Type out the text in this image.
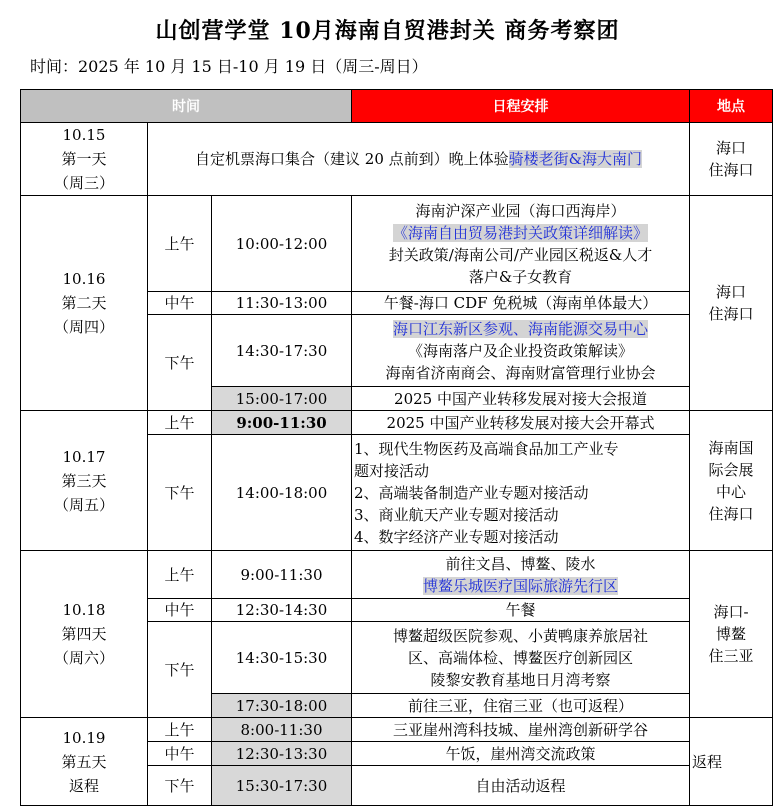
山创营学堂 10月海南自贸港封关 商务考察团
时间：2025 年 10 月 15 日-10 月 19 日（周三-周日）
时间			日程安排	地点

10.15
第一天
（周三）	自定机票海口集合（建议 20 点前到）晚上体验骑楼老街&海大南门			海口
住海口

10.16
第二天
（周四）	上午	10:00-12:00	海南沪深产业园（海口西海岸）
《海南自由贸易港封关政策详细解读》
封关政策/海南公司/产业园区税返&人才
落户&子女教育	海口
住海口

	中午	11:30-13:00	午餐-海口 CDF 免税城（海南单体最大）	
	下午	14:30-17:30	海口江东新区参观、海南能源交易中心
《海南落户及企业投资政策解读》
海南省济南商会、海南财富管理行业协会	

		15:00-17:00	2025 中国产业转移发展对接大会报道	

10.17
第三天
（周五）	上午	9:00-11:30	2025 中国产业转移发展对接大会开幕式	海南国
际会展
中心
住海口

	下午	14:00-18:00	1、现代生物医药及高端食品加工产业专
题对接活动
2、高端装备制造产业专题对接活动
3、商业航天产业专题对接活动
4、数字经济产业专题对接活动	

10.18
第四天
（周六）	上午	9:00-11:30	前往文昌、博鳌、陵水
博鳌乐城医疗国际旅游先行区	海口-
博鳌
住三亚

	中午	12:30-14:30	午餐	
	下午	14:30-15:30	博鳌超级医院参观、小黄鸭康养旅居社
区、高端体检、博鳌医疗创新园区
陵黎安教育基地日月湾考察	

		17:30-18:00	前往三亚，住宿三亚（也可返程）	

10.19
第五天
返程	上午	8:00-11:30	三亚崖州湾科技城、崖州湾创新研学谷	返程
	中午	12:30-13:30	午饭，崖州湾交流政策	
	下午	15:30-17:30	自由活动返程	
